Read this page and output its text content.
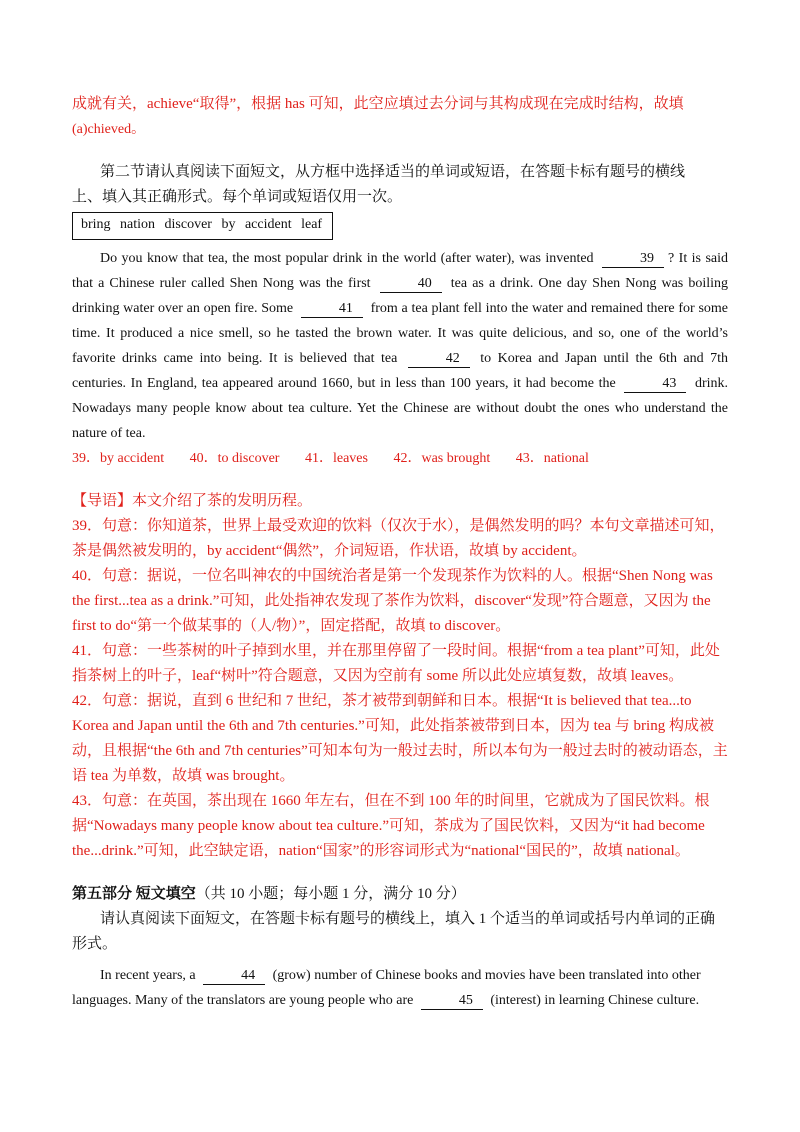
成就有关，achieve“取得”，根据 has 可知，此空应填过去分词与其构成现在完成时结构，故填

(a)chieved。

第二节请认真阅读下面短文，从方框中选择适当的单词或短语，在答题卡标有题号的横线

上、填入其正确形式。每个单词或短语仅用一次。

bring nation discover by accident leaf

Do you know that tea, the most popular drink in the world (after water), was invented	39 ? It is said that a Chinese ruler called Shen Nong was the first	40 tea as a drink. One day Shen Nong was boiling drinking water over an open fire. Some	41 from a tea plant fell into the water and remained there for some time. It produced a nice smell, so he tasted the brown water. It was quite delicious, and so, one of the world’s favorite drinks came into being. It is believed that tea	42 to Korea and Japan until the 6th and 7th centuries. In England, tea appeared around 1660, but in less than 100 years, it had become the	43 drink. Nowadays many people know about tea culture. Yet the Chinese are without doubt the ones who understand the nature of tea.

39．by accident 40．to discover 41．leaves 42．was brought 43．national

【导语】本文介绍了茶的发明历程。

39．句意：你知道茶，世界上最受欢迎的饮料（仅次于水），是偶然发明的吗？本句文章描述可知，茶是偶然被发明的，by accident“偶然”，介词短语，作状语，故填 by accident。

40．句意：据说，一位名叫神农的中国统治者是第一个发现茶作为饮料的人。根据“Shen Nong was the first...tea as a drink.”可知，此处指神农发现了茶作为饮料，discover“发现”符合题意，又因为 the first to do“第一个做某事的（人/物）”，固定搭配，故填 to discover。

41．句意：一些茶树的叶子掉到水里，并在那里停留了一段时间。根据“from a tea plant”可知，此处指茶树上的叶子，leaf“树叶”符合题意，又因为空前有 some 所以此处应填复数，故填 leaves。

42．句意：据说，直到 6 世纪和 7 世纪，茶才被带到朝鲜和日本。根据“It is believed that tea...to Korea and Japan until the 6th and 7th centuries.”可知，此处指茶被带到日本，因为 tea 与 bring 构成被动，且根据“the 6th and 7th centuries”可知本句为一般过去时，所以本句为一般过去时的被动语态，主语 tea 为单数，故填 was brought。

43．句意：在英国，茶出现在 1660 年左右，但在不到 100 年的时间里，它就成为了国民饮料。根据“Nowadays many people know about tea culture.”可知，茶成为了国民饮料，又因为“it had become the...drink.”可知，此空缺定语，nation“国家”的形容词形式为“national“国民的”，故填 national。

第五部分 短文填空（共 10 小题；每小题 1 分，满分 10 分）

请认真阅读下面短文，在答题卡标有题号的横线上，填入 1 个适当的单词或括号内单词的正确形式。

In recent years, a	44 (grow) number of Chinese books and movies have been translated into other languages. Many of the translators are young people who are	45 (interest) in learning Chinese culture.
